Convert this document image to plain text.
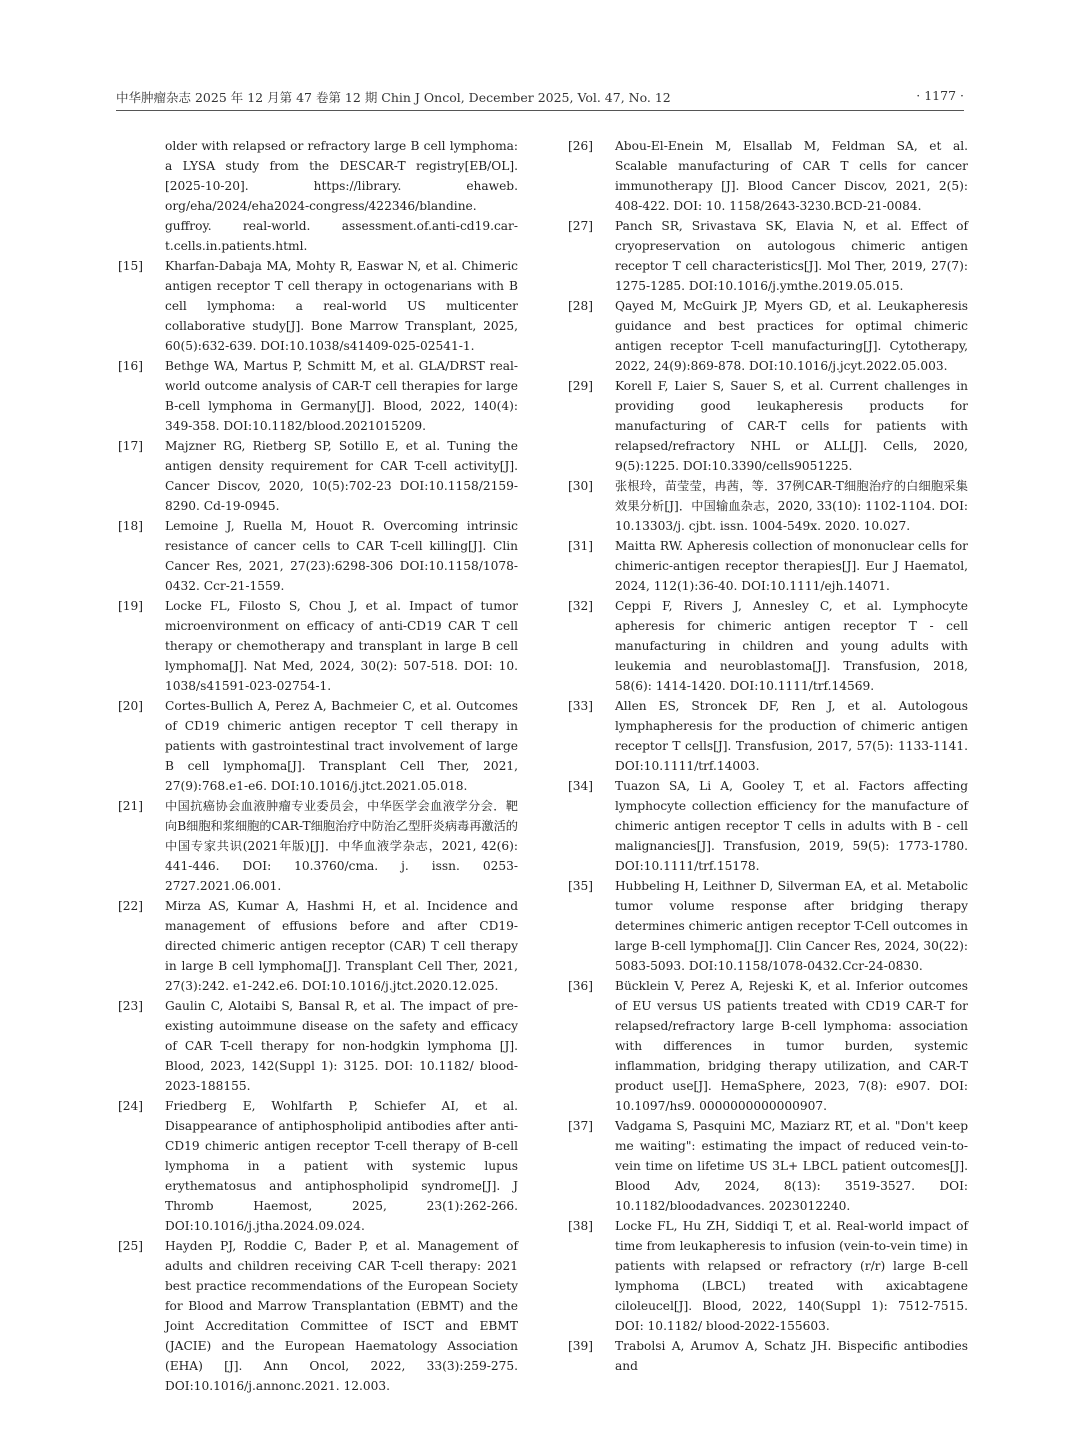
中华肿瘤杂志 2025 年 12 月第 47 卷第 12 期 Chin J Oncol, December 2025, Vol. 47, No. 12	· 1177 ·
older with relapsed or refractory large B cell lymphoma: a LYSA study from the DESCAR-T registry[EB/OL]. [2025-10-20]. https://library. ehaweb. org/eha/2024/eha2024-congress/422346/blandine. guffroy. real-world. assessment.of.anti-cd19.car-t.cells.in.patients.html.
[15]	Kharfan-Dabaja MA, Mohty R, Easwar N, et al. Chimeric antigen receptor T cell therapy in octogenarians with B cell lymphoma: a real-world US multicenter collaborative study[J]. Bone Marrow Transplant, 2025, 60(5):632-639. DOI:10.1038/s41409-025-02541-1.
[16]	Bethge WA, Martus P, Schmitt M, et al. GLA/DRST real-world outcome analysis of CAR-T cell therapies for large B-cell lymphoma in Germany[J]. Blood, 2022, 140(4): 349-358. DOI:10.1182/blood.2021015209.
[17]	Majzner RG, Rietberg SP, Sotillo E, et al. Tuning the antigen density requirement for CAR T-cell activity[J]. Cancer Discov, 2020, 10(5):702-23 DOI:10.1158/2159-8290. Cd-19-0945.
[18]	Lemoine J, Ruella M, Houot R. Overcoming intrinsic resistance of cancer cells to CAR T-cell killing[J]. Clin Cancer Res, 2021, 27(23):6298-306 DOI:10.1158/1078-0432. Ccr-21-1559.
[19]	Locke FL, Filosto S, Chou J, et al. Impact of tumor microenvironment on efficacy of anti-CD19 CAR T cell therapy or chemotherapy and transplant in large B cell lymphoma[J]. Nat Med, 2024, 30(2): 507-518. DOI: 10. 1038/s41591-023-02754-1.
[20]	Cortes-Bullich A, Perez A, Bachmeier C, et al. Outcomes of CD19 chimeric antigen receptor T cell therapy in patients with gastrointestinal tract involvement of large B cell lymphoma[J]. Transplant Cell Ther, 2021, 27(9):768.e1-e6. DOI:10.1016/j.jtct.2021.05.018.
[21]	中国抗癌协会血液肿瘤专业委员会，中华医学会血液学分会．靶向B细胞和浆细胞的CAR-T细胞治疗中防治乙型肝炎病毒再激活的中国专家共识(2021年版)[J]．中华血液学杂志，2021, 42(6): 441-446. DOI: 10.3760/cma. j. issn. 0253-2727.2021.06.001.
[22]	Mirza AS, Kumar A, Hashmi H, et al. Incidence and management of effusions before and after CD19-directed chimeric antigen receptor (CAR) T cell therapy in large B cell lymphoma[J]. Transplant Cell Ther, 2021, 27(3):242. e1-242.e6. DOI:10.1016/j.jtct.2020.12.025.
[23]	Gaulin C, Alotaibi S, Bansal R, et al. The impact of pre-existing autoimmune disease on the safety and efficacy of CAR T-cell therapy for non-hodgkin lymphoma [J]. Blood, 2023, 142(Suppl 1): 3125. DOI: 10.1182/ blood-2023-188155.
[24]	Friedberg E, Wohlfarth P, Schiefer AI, et al. Disappearance of antiphospholipid antibodies after anti-CD19 chimeric antigen receptor T-cell therapy of B-cell lymphoma in a patient with systemic lupus erythematosus and antiphospholipid syndrome[J]. J Thromb Haemost, 2025, 23(1):262-266. DOI:10.1016/j.jtha.2024.09.024.
[25]	Hayden PJ, Roddie C, Bader P, et al. Management of adults and children receiving CAR T-cell therapy: 2021 best practice recommendations of the European Society for Blood and Marrow Transplantation (EBMT) and the Joint Accreditation Committee of ISCT and EBMT (JACIE) and the European Haematology Association (EHA) [J]. Ann Oncol, 2022, 33(3):259-275. DOI:10.1016/j.annonc.2021. 12.003.
[26]	Abou-El-Enein M, Elsallab M, Feldman SA, et al. Scalable manufacturing of CAR T cells for cancer immunotherapy [J]. Blood Cancer Discov, 2021, 2(5): 408-422. DOI: 10. 1158/2643-3230.BCD-21-0084.
[27]	Panch SR, Srivastava SK, Elavia N, et al. Effect of cryopreservation on autologous chimeric antigen receptor T cell characteristics[J]. Mol Ther, 2019, 27(7): 1275-1285. DOI:10.1016/j.ymthe.2019.05.015.
[28]	Qayed M, McGuirk JP, Myers GD, et al. Leukapheresis guidance and best practices for optimal chimeric antigen receptor T-cell manufacturing[J]. Cytotherapy, 2022, 24(9):869-878. DOI:10.1016/j.jcyt.2022.05.003.
[29]	Korell F, Laier S, Sauer S, et al. Current challenges in providing good leukapheresis products for manufacturing of CAR-T cells for patients with relapsed/refractory NHL or ALL[J]. Cells, 2020, 9(5):1225. DOI:10.3390/cells9051225.
[30]	张根玲，苗莹莹，冉茜，等．37例CAR-T细胞治疗的白细胞采集效果分析[J]．中国输血杂志，2020, 33(10): 1102-1104. DOI: 10.13303/j. cjbt. issn. 1004-549x. 2020. 10.027.
[31]	Maitta RW. Apheresis collection of mononuclear cells for chimeric-antigen receptor therapies[J]. Eur J Haematol, 2024, 112(1):36-40. DOI:10.1111/ejh.14071.
[32]	Ceppi F, Rivers J, Annesley C, et al. Lymphocyte apheresis for chimeric antigen receptor T - cell manufacturing in children and young adults with leukemia and neuroblastoma[J]. Transfusion, 2018, 58(6): 1414-1420. DOI:10.1111/trf.14569.
[33]	Allen ES, Stroncek DF, Ren J, et al. Autologous lymphapheresis for the production of chimeric antigen receptor T cells[J]. Transfusion, 2017, 57(5): 1133-1141. DOI:10.1111/trf.14003.
[34]	Tuazon SA, Li A, Gooley T, et al. Factors affecting lymphocyte collection efficiency for the manufacture of chimeric antigen receptor T cells in adults with B - cell malignancies[J]. Transfusion, 2019, 59(5): 1773-1780. DOI:10.1111/trf.15178.
[35]	Hubbeling H, Leithner D, Silverman EA, et al. Metabolic tumor volume response after bridging therapy determines chimeric antigen receptor T-Cell outcomes in large B-cell lymphoma[J]. Clin Cancer Res, 2024, 30(22): 5083-5093. DOI:10.1158/1078-0432.Ccr-24-0830.
[36]	Bücklein V, Perez A, Rejeski K, et al. Inferior outcomes of EU versus US patients treated with CD19 CAR-T for relapsed/refractory large B-cell lymphoma: association with differences in tumor burden, systemic inflammation, bridging therapy utilization, and CAR-T product use[J]. HemaSphere, 2023, 7(8): e907. DOI: 10.1097/hs9. 0000000000000907.
[37]	Vadgama S, Pasquini MC, Maziarz RT, et al. "Don't keep me waiting": estimating the impact of reduced vein-to-vein time on lifetime US 3L+ LBCL patient outcomes[J]. Blood Adv, 2024, 8(13): 3519-3527. DOI: 10.1182/bloodadvances. 2023012240.
[38]	Locke FL, Hu ZH, Siddiqi T, et al. Real-world impact of time from leukapheresis to infusion (vein-to-vein time) in patients with relapsed or refractory (r/r) large B-cell lymphoma (LBCL) treated with axicabtagene ciloleucel[J]. Blood, 2022, 140(Suppl 1): 7512-7515. DOI: 10.1182/ blood-2022-155603.
[39]	Trabolsi A, Arumov A, Schatz JH. Bispecific antibodies and
